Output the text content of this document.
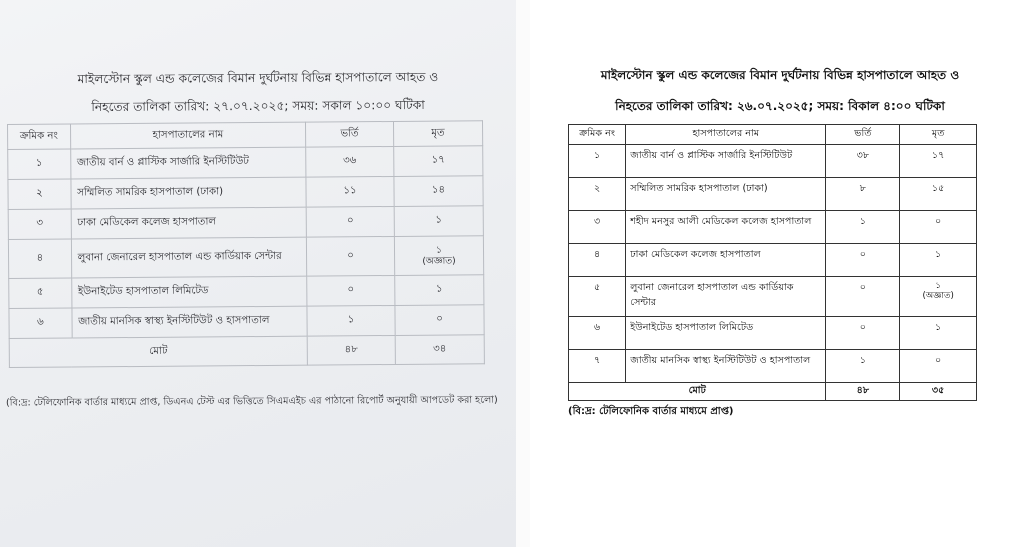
মাইলস্টোন স্কুল এন্ড কলেজের বিমান দুর্ঘটনায় বিভিন্ন হাসপাতালে আহত ও
নিহতের তালিকা তারিখ: ২৭.০৭.২০২৫; সময়: সকাল ১০:০০ ঘটিকা
ক্রমিক নং	হাসপাতালের নাম	ভর্তি	মৃত
১	জাতীয় বার্ন ও প্লাস্টিক সার্জারি ইনস্টিটিউট	৩৬	১৭
২	সম্মিলিত সামরিক হাসপাতাল (ঢাকা)	১১	১৪
৩	ঢাকা মেডিকেল কলেজ হাসপাতাল	০	১
৪	লুবানা জেনারেল হাসপাতাল এন্ড কার্ডিয়াক সেন্টার	০	১
(অজ্ঞাত)

৫	ইউনাইটেড হাসপাতাল লিমিটেড	০	১
৬	জাতীয় মানসিক স্বাস্থ্য ইনস্টিটিউট ও হাসপাতাল	১	০
মোট		৪৮	৩৪
(বি:দ্র: টেলিফোনিক বার্তার মাধ্যমে প্রাপ্ত, ডিএনএ টেস্ট এর ভিত্তিতে সিএমএইচ এর পাঠানো রিপোর্ট অনুযায়ী আপডেট করা হলো)
মাইলস্টোন স্কুল এন্ড কলেজের বিমান দুর্ঘটনায় বিভিন্ন হাসপাতালে আহত ও
নিহতের তালিকা তারিখ: ২৬.০৭.২০২৫; সময়: বিকাল ৪:০০ ঘটিকা
ক্রমিক নং	হাসপাতালের নাম	ভর্তি	মৃত
১	জাতীয় বার্ন ও প্লাস্টিক সার্জারি ইনস্টিটিউট	৩৮	১৭
২	সম্মিলিত সামরিক হাসপাতাল (ঢাকা)	৮	১৫
৩	শহীদ মনসুর আলী মেডিকেল কলেজ হাসপাতাল	১	০
৪	ঢাকা মেডিকেল কলেজ হাসপাতাল	০	১
৫	লুবানা জেনারেল হাসপাতাল এন্ড কার্ডিয়াক সেন্টার	০	১
(অজ্ঞাত)

৬	ইউনাইটেড হাসপাতাল লিমিটেড	০	১
৭	জাতীয় মানসিক স্বাস্থ্য ইনস্টিটিউট ও হাসপাতাল	১	০
মোট		৪৮	৩৫
(বি:দ্র: টেলিফোনিক বার্তার মাধ্যমে প্রাপ্ত)
